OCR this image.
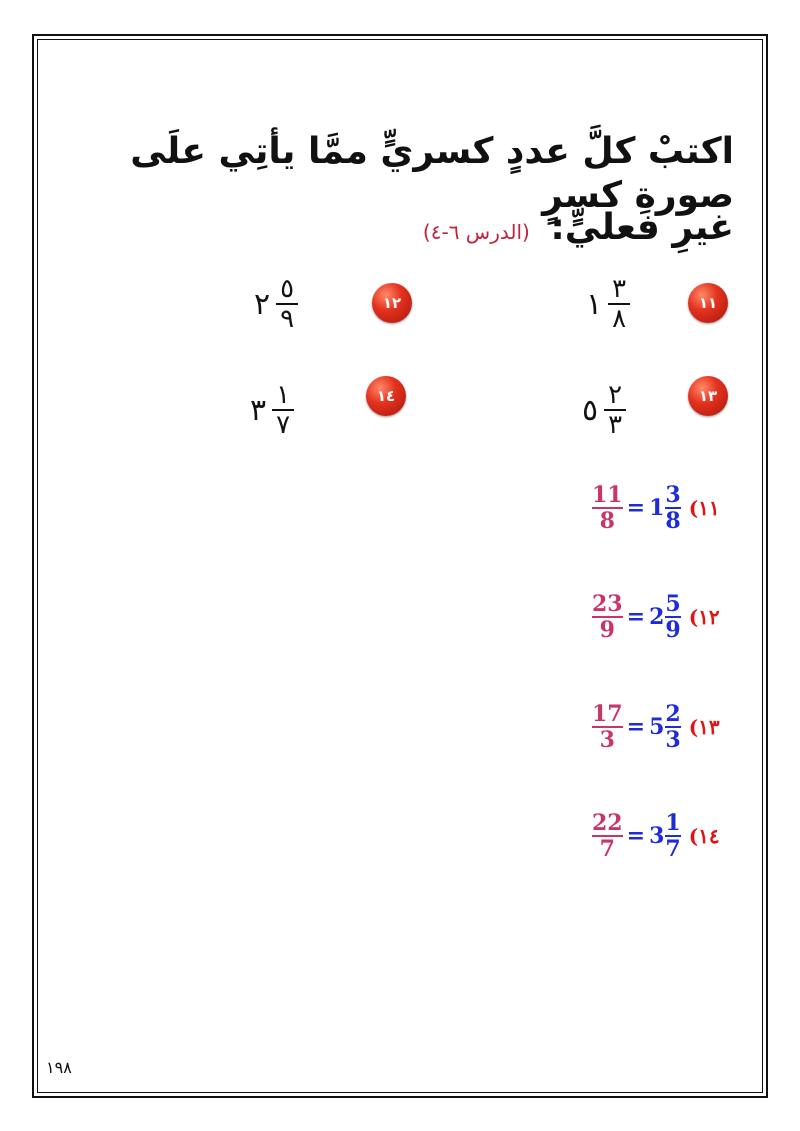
اكتبْ كلَّ عددٍ كسريٍّ ممَّا يأتِي علَى صورةِ كسرٍ
غيرِ فعليٍّ: (الدرس ٦-٤)
١١
١ $\frac{٣}{٨}$
١٢
٢ $\frac{٥}{٩}$
١٣
٥ $\frac{٢}{٣}$
١٤
٣ $\frac{١}{٧}$
11
8 = 1 3
8 (١١
23
9 = 2 5
9 (١٢
17
3 = 5 2
3 (١٣
22
7 = 3 1
7 (١٤
١٩٨
